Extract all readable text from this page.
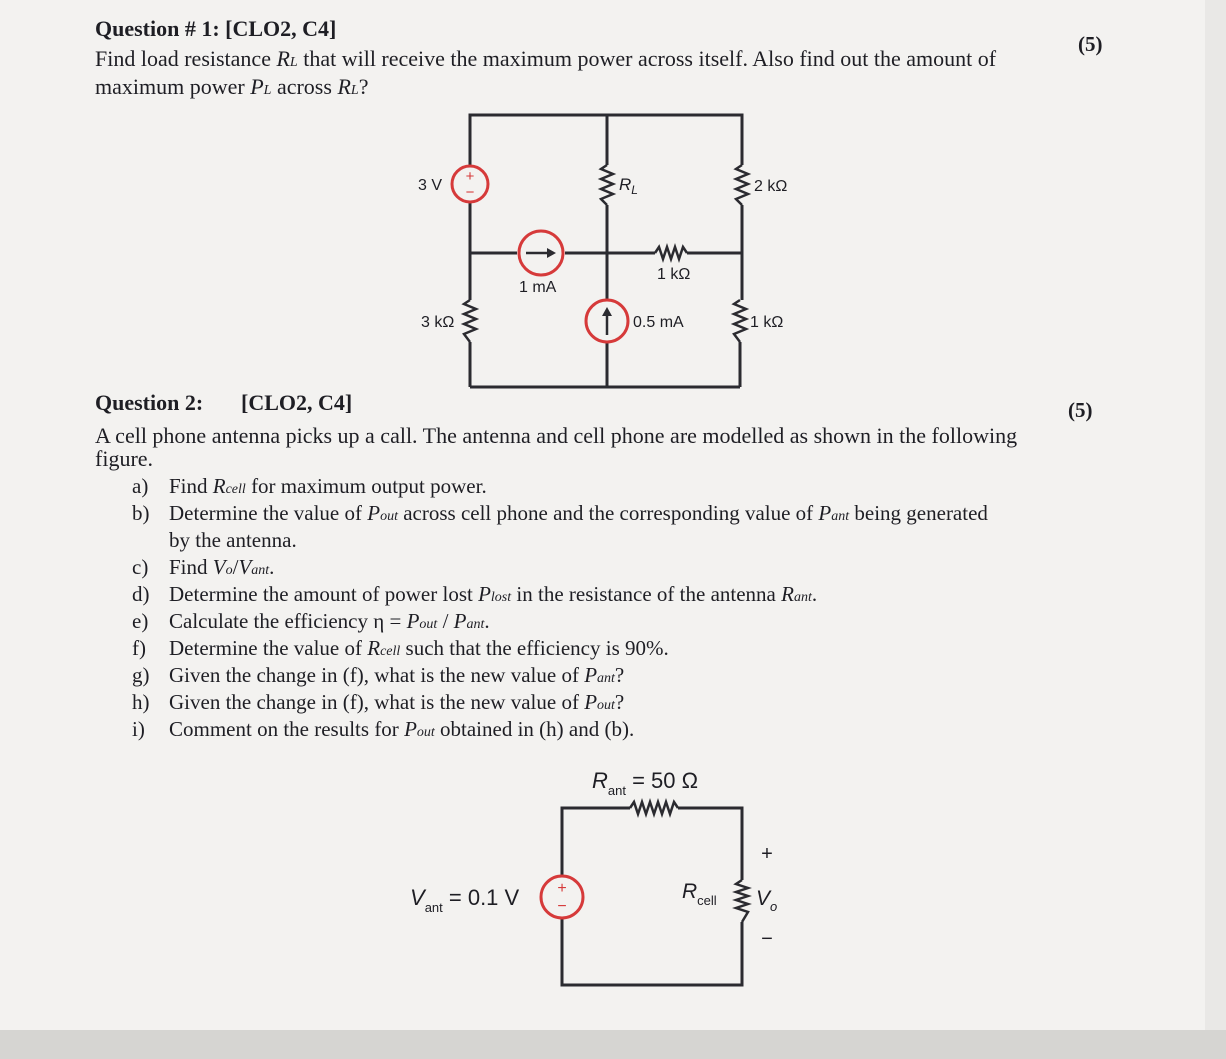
Question # 1: [CLO2, C4]
(5)
Find load resistance RL that will receive the maximum power across itself. Also find out the amount of
maximum power PL across RL?
+
−
3 V	$R_L$	2 kΩ
1 kΩ
1 mA
3 kΩ	0.5 mA	1 kΩ
Question 2: [CLO2, C4]	(5)
A cell phone antenna picks up a call. The antenna and cell phone are modelled as shown in the following
figure.
a) Find Rcell for maximum output power.
b) Determine the value of Pout across cell phone and the corresponding value of Pant being generated
by the antenna.
c) Find Vo/Vant.
d) Determine the amount of power lost Plost in the resistance of the antenna Rant.
e) Calculate the efficiency η = Pout / Pant.
f) Determine the value of Rcell such that the efficiency is 90%.
g) Given the change in (f), what is the new value of Pant?
h) Given the change in (f), what is the new value of Pout?
i) Comment on the results for Pout obtained in (h) and (b).
+
−
$R_{ant} = 50$ Ω
$V_{ant} = 0.1$ V	$R_{cell}$ $V_o$
+
−
